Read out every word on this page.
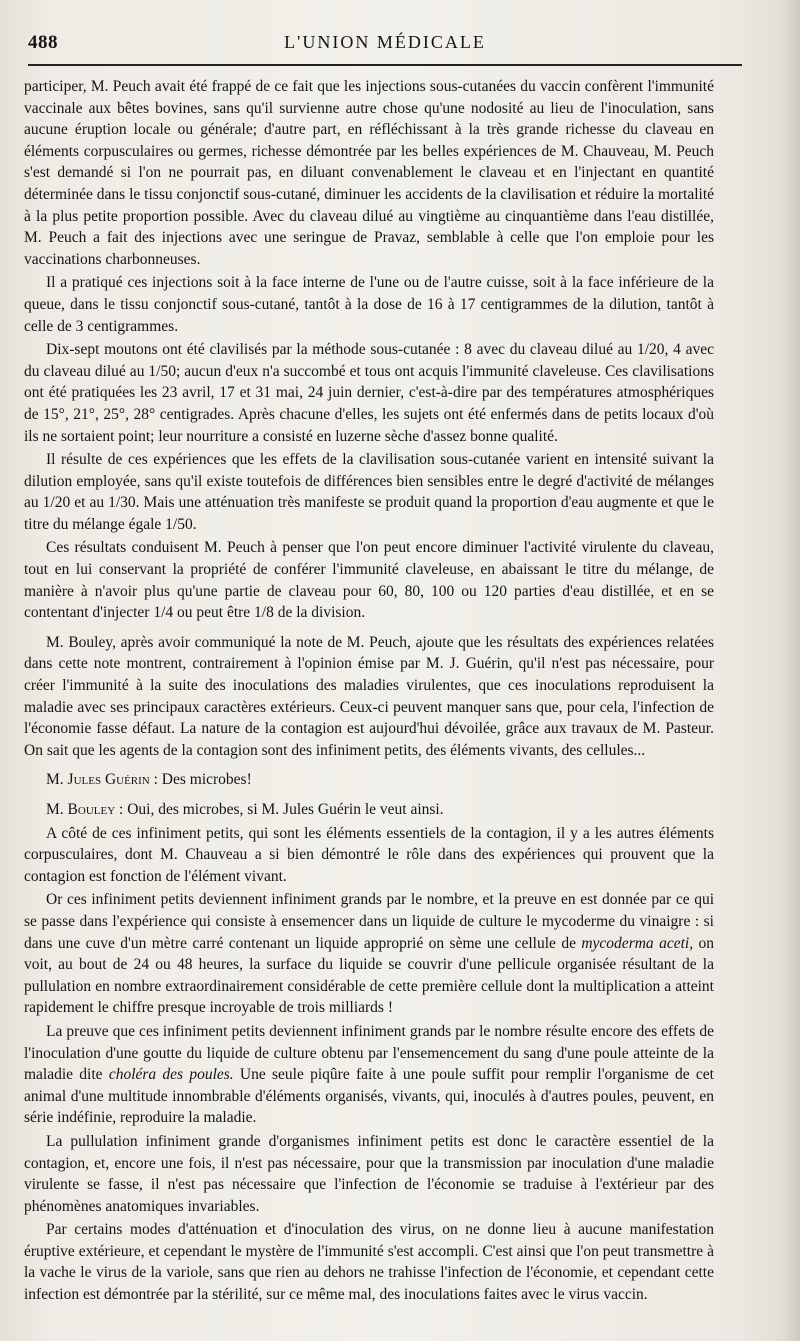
488	L'UNION MÉDICALE

participer, M. Peuch avait été frappé de ce fait que les injections sous-cutanées du vaccin confèrent l'immunité vaccinale aux bêtes bovines, sans qu'il survienne autre chose qu'une nodosité au lieu de l'inoculation, sans aucune éruption locale ou générale; d'autre part, en réfléchissant à la très grande richesse du claveau en éléments corpusculaires ou germes, richesse démontrée par les belles expériences de M. Chauveau, M. Peuch s'est demandé si l'on ne pourrait pas, en diluant convenablement le claveau et en l'injectant en quantité déterminée dans le tissu conjonctif sous-cutané, diminuer les accidents de la clavilisation et réduire la mortalité à la plus petite proportion possible. Avec du claveau dilué au vingtième au cinquantième dans l'eau distillée, M. Peuch a fait des injections avec une seringue de Pravaz, semblable à celle que l'on emploie pour les vaccinations charbonneuses.

Il a pratiqué ces injections soit à la face interne de l'une ou de l'autre cuisse, soit à la face inférieure de la queue, dans le tissu conjonctif sous-cutané, tantôt à la dose de 16 à 17 centigrammes de la dilution, tantôt à celle de 3 centigrammes.

Dix-sept moutons ont été clavilisés par la méthode sous-cutanée : 8 avec du claveau dilué au 1/20, 4 avec du claveau dilué au 1/50; aucun d'eux n'a succombé et tous ont acquis l'immunité claveleuse. Ces clavilisations ont été pratiquées les 23 avril, 17 et 31 mai, 24 juin dernier, c'est-à-dire par des températures atmosphériques de 15°, 21°, 25°, 28° centigrades. Après chacune d'elles, les sujets ont été enfermés dans de petits locaux d'où ils ne sortaient point; leur nourriture a consisté en luzerne sèche d'assez bonne qualité.

Il résulte de ces expériences que les effets de la clavilisation sous-cutanée varient en intensité suivant la dilution employée, sans qu'il existe toutefois de différences bien sensibles entre le degré d'activité de mélanges au 1/20 et au 1/30. Mais une atténuation très manifeste se produit quand la proportion d'eau augmente et que le titre du mélange égale 1/50.

Ces résultats conduisent M. Peuch à penser que l'on peut encore diminuer l'activité virulente du claveau, tout en lui conservant la propriété de conférer l'immunité claveleuse, en abaissant le titre du mélange, de manière à n'avoir plus qu'une partie de claveau pour 60, 80, 100 ou 120 parties d'eau distillée, et en se contentant d'injecter 1/4 ou peut être 1/8 de la division.

M. Bouley, après avoir communiqué la note de M. Peuch, ajoute que les résultats des expériences relatées dans cette note montrent, contrairement à l'opinion émise par M. J. Guérin, qu'il n'est pas nécessaire, pour créer l'immunité à la suite des inoculations des maladies virulentes, que ces inoculations reproduisent la maladie avec ses principaux caractères extérieurs. Ceux-ci peuvent manquer sans que, pour cela, l'infection de l'économie fasse défaut. La nature de la contagion est aujourd'hui dévoilée, grâce aux travaux de M. Pasteur. On sait que les agents de la contagion sont des infiniment petits, des éléments vivants, des cellules...

M. Jules Guérin : Des microbes!

M. Bouley : Oui, des microbes, si M. Jules Guérin le veut ainsi.

A côté de ces infiniment petits, qui sont les éléments essentiels de la contagion, il y a les autres éléments corpusculaires, dont M. Chauveau a si bien démontré le rôle dans des expériences qui prouvent que la contagion est fonction de l'élément vivant.

Or ces infiniment petits deviennent infiniment grands par le nombre, et la preuve en est donnée par ce qui se passe dans l'expérience qui consiste à ensemencer dans un liquide de culture le mycoderme du vinaigre : si dans une cuve d'un mètre carré contenant un liquide approprié on sème une cellule de mycoderma aceti, on voit, au bout de 24 ou 48 heures, la surface du liquide se couvrir d'une pellicule organisée résultant de la pullulation en nombre extraordinairement considérable de cette première cellule dont la multiplication a atteint rapidement le chiffre presque incroyable de trois milliards !

La preuve que ces infiniment petits deviennent infiniment grands par le nombre résulte encore des effets de l'inoculation d'une goutte du liquide de culture obtenu par l'ensemencement du sang d'une poule atteinte de la maladie dite choléra des poules. Une seule piqûre faite à une poule suffit pour remplir l'organisme de cet animal d'une multitude innombrable d'éléments organisés, vivants, qui, inoculés à d'autres poules, peuvent, en série indéfinie, reproduire la maladie.

La pullulation infiniment grande d'organismes infiniment petits est donc le caractère essentiel de la contagion, et, encore une fois, il n'est pas nécessaire, pour que la transmission par inoculation d'une maladie virulente se fasse, il n'est pas nécessaire que l'infection de l'économie se traduise à l'extérieur par des phénomènes anatomiques invariables.

Par certains modes d'atténuation et d'inoculation des virus, on ne donne lieu à aucune manifestation éruptive extérieure, et cependant le mystère de l'immunité s'est accompli. C'est ainsi que l'on peut transmettre à la vache le virus de la variole, sans que rien au dehors ne trahisse l'infection de l'économie, et cependant cette infection est démontrée par la stérilité, sur ce même mal, des inoculations faites avec le virus vaccin.
